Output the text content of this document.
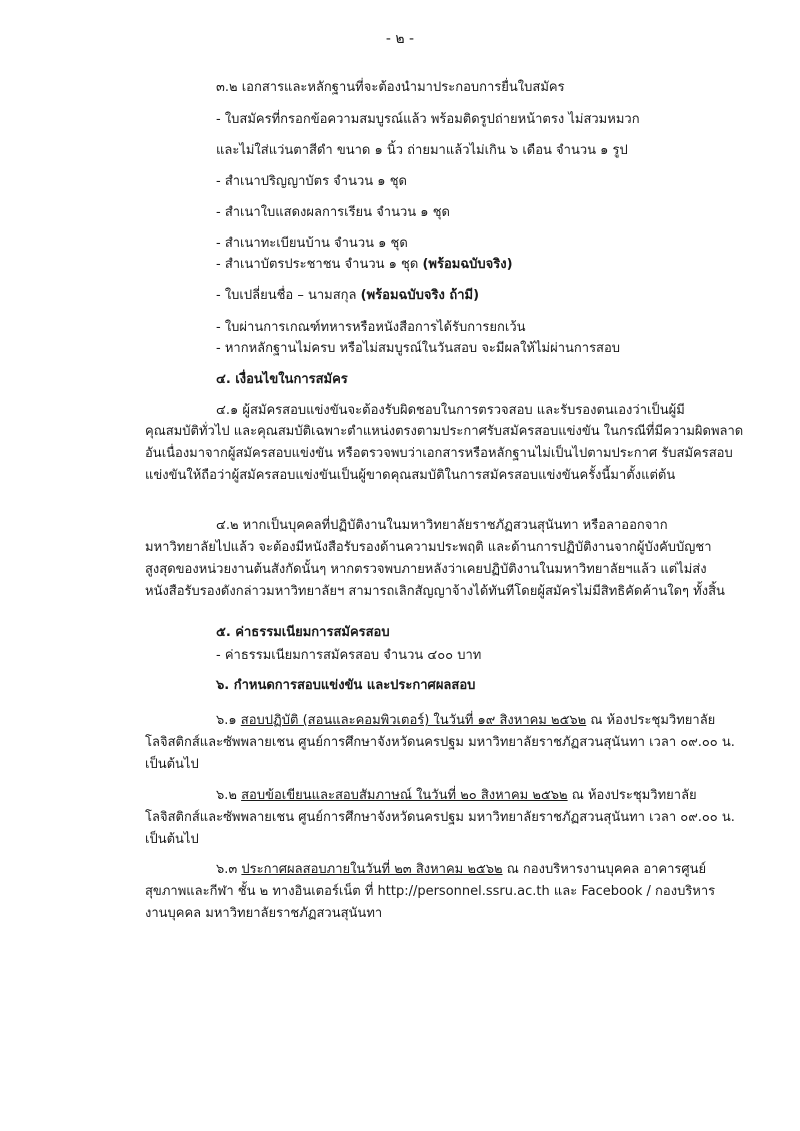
- ๒ -
๓.๒ เอกสารและหลักฐานที่จะต้องนำมาประกอบการยื่นใบสมัคร
- ใบสมัครที่กรอกข้อความสมบูรณ์แล้ว พร้อมติดรูปถ่ายหน้าตรง ไม่สวมหมวก
และไม่ใส่แว่นตาสีดำ ขนาด ๑ นิ้ว ถ่ายมาแล้วไม่เกิน ๖ เดือน จำนวน ๑ รูป
- สำเนาปริญญาบัตร จำนวน ๑ ชุด
- สำเนาใบแสดงผลการเรียน จำนวน ๑ ชุด
- สำเนาทะเบียนบ้าน จำนวน ๑ ชุด
- สำเนาบัตรประชาชน จำนวน ๑ ชุด (พร้อมฉบับจริง)
- ใบเปลี่ยนชื่อ – นามสกุล (พร้อมฉบับจริง ถ้ามี)
- ใบผ่านการเกณฑ์ทหารหรือหนังสือการได้รับการยกเว้น
- หากหลักฐานไม่ครบ หรือไม่สมบูรณ์ในวันสอบ จะมีผลให้ไม่ผ่านการสอบ
๔. เงื่อนไขในการสมัคร
๔.๑ ผู้สมัครสอบแข่งขันจะต้องรับผิดชอบในการตรวจสอบ และรับรองตนเองว่าเป็นผู้มี
คุณสมบัติทั่วไป และคุณสมบัติเฉพาะตำแหน่งตรงตามประกาศรับสมัครสอบแข่งขัน ในกรณีที่มีความผิดพลาด
อันเนื่องมาจากผู้สมัครสอบแข่งขัน หรือตรวจพบว่าเอกสารหรือหลักฐานไม่เป็นไปตามประกาศ รับสมัครสอบ
แข่งขันให้ถือว่าผู้สมัครสอบแข่งขันเป็นผู้ขาดคุณสมบัติในการสมัครสอบแข่งขันครั้งนี้มาตั้งแต่ต้น
๔.๒ หากเป็นบุคคลที่ปฏิบัติงานในมหาวิทยาลัยราชภัฏสวนสุนันทา หรือลาออกจาก
มหาวิทยาลัยไปแล้ว จะต้องมีหนังสือรับรองด้านความประพฤติ และด้านการปฏิบัติงานจากผู้บังคับบัญชา
สูงสุดของหน่วยงานต้นสังกัดนั้นๆ หากตรวจพบภายหลังว่าเคยปฏิบัติงานในมหาวิทยาลัยฯแล้ว แต่ไม่ส่ง
หนังสือรับรองดังกล่าวมหาวิทยาลัยฯ สามารถเลิกสัญญาจ้างได้ทันทีโดยผู้สมัครไม่มีสิทธิคัดค้านใดๆ ทั้งสิ้น
๕. ค่าธรรมเนียมการสมัครสอบ
- ค่าธรรมเนียมการสมัครสอบ จำนวน ๔๐๐ บาท
๖. กำหนดการสอบแข่งขัน และประกาศผลสอบ
๖.๑ สอบปฏิบัติ (สอนและคอมพิวเตอร์) ในวันที่ ๑๙ สิงหาคม ๒๕๖๒ ณ ห้องประชุมวิทยาลัย
โลจิสติกส์และซัพพลายเชน ศูนย์การศึกษาจังหวัดนครปฐม มหาวิทยาลัยราชภัฏสวนสุนันทา เวลา ๐๙.๐๐ น.
เป็นต้นไป
๖.๒ สอบข้อเขียนและสอบสัมภาษณ์ ในวันที่ ๒๐ สิงหาคม ๒๕๖๒ ณ ห้องประชุมวิทยาลัย
โลจิสติกส์และซัพพลายเชน ศูนย์การศึกษาจังหวัดนครปฐม มหาวิทยาลัยราชภัฏสวนสุนันทา เวลา ๐๙.๐๐ น.
เป็นต้นไป
๖.๓ ประกาศผลสอบภายในวันที่ ๒๓ สิงหาคม ๒๕๖๒ ณ กองบริหารงานบุคคล อาคารศูนย์
สุขภาพและกีฬา ชั้น ๒ ทางอินเตอร์เน็ต ที่ http://personnel.ssru.ac.th และ Facebook / กองบริหาร
งานบุคคล มหาวิทยาลัยราชภัฏสวนสุนันทา
